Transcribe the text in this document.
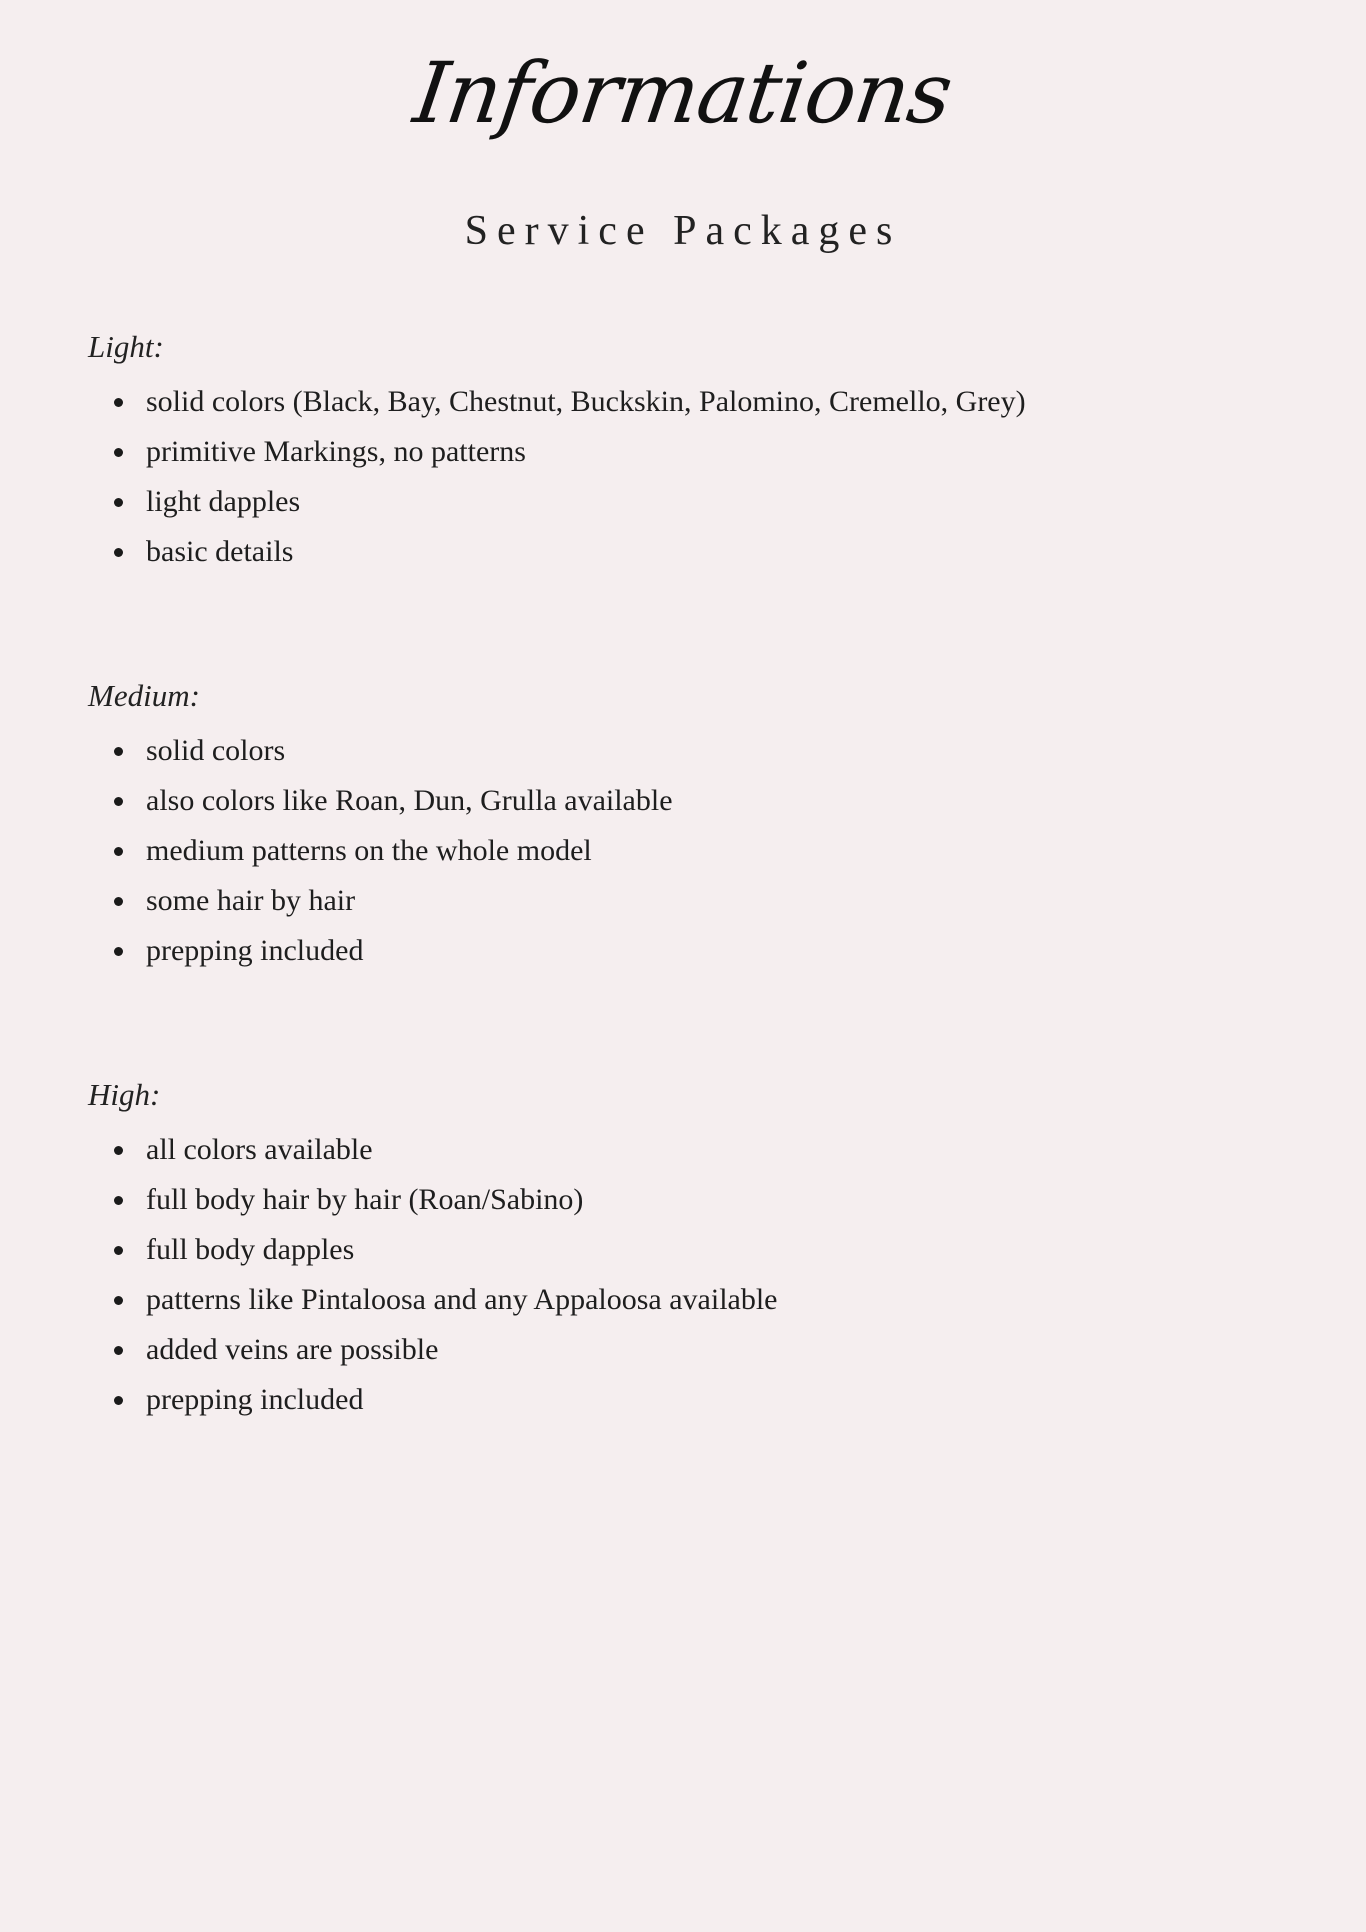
Informations
Service Packages
Light:
solid colors (Black, Bay, Chestnut, Buckskin, Palomino, Cremello, Grey)
primitive Markings, no patterns
light dapples
basic details
Medium:
solid colors
also colors like Roan, Dun, Grulla available
medium patterns on the whole model
some hair by hair
prepping included
High:
all colors available
full body hair by hair (Roan/Sabino)
full body dapples
patterns like Pintaloosa and any Appaloosa available
added veins are possible
prepping included
